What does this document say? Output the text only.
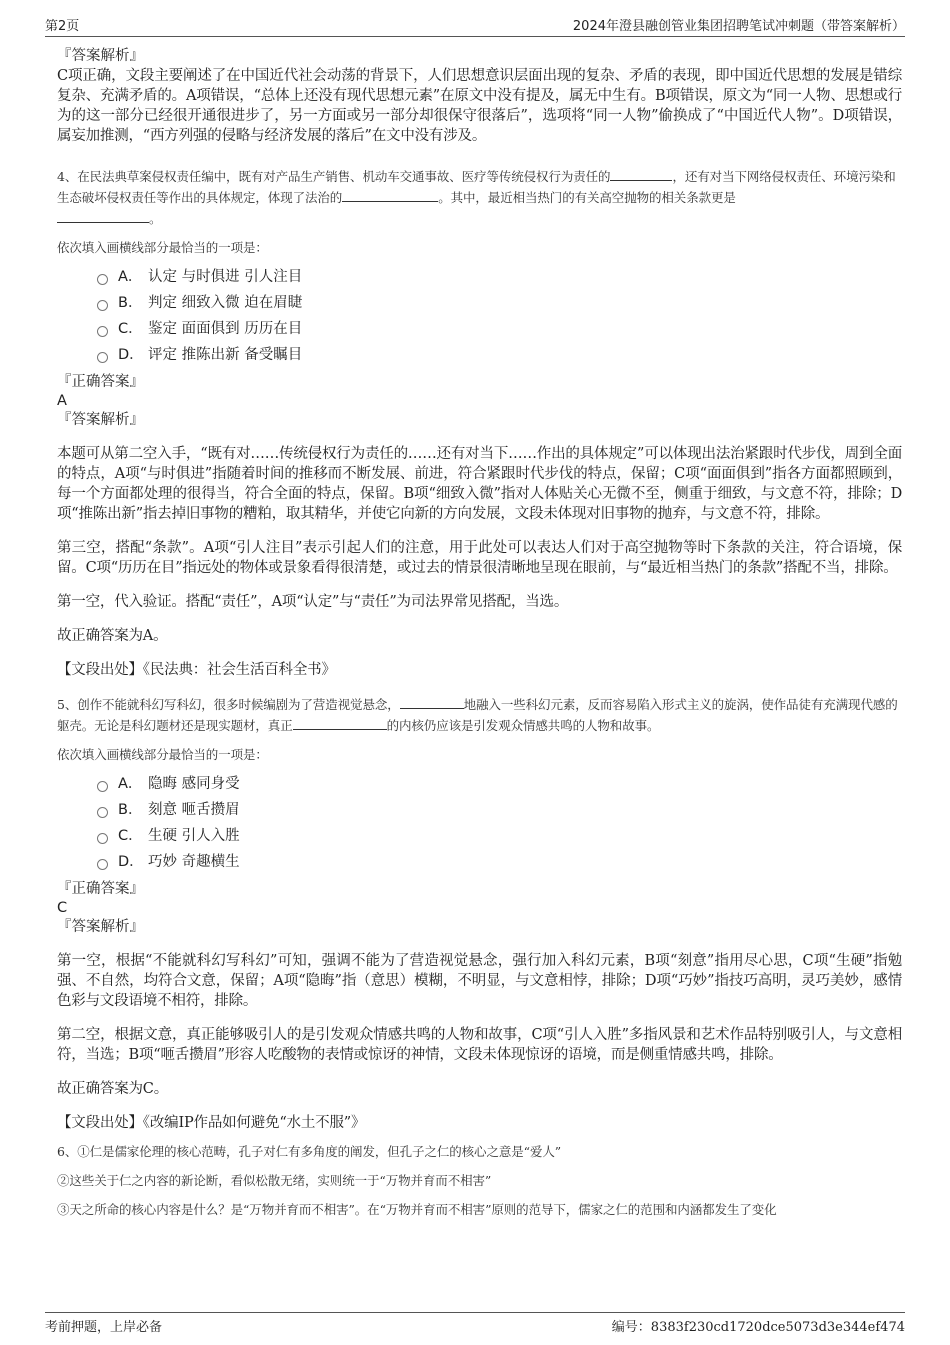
第2页	2024年澄县融创管业集团招聘笔试冲刺题（带答案解析）

『答案解析』

C项正确，文段主要阐述了在中国近代社会动荡的背景下，人们思想意识层面出现的复杂、矛盾的表现，即中国近代思想的发展是错综复杂、充满矛盾的。A项错误，“总体上还没有现代思想元素”在原文中没有提及，属无中生有。B项错误，原文为“同一人物、思想或行为的这一部分已经很开通很进步了，另一方面或另一部分却很保守很落后”，选项将“同一人物”偷换成了“中国近代人物”。D项错误，属妄加推测，“西方列强的侵略与经济发展的落后”在文中没有涉及。

4、在民法典草案侵权责任编中，既有对产品生产销售、机动车交通事故、医疗等传统侵权行为责任的	，还有对当下网络侵权责任、环境污染和生态破坏侵权责任等作出的具体规定，体现了法治的	。其中，最近相当热门的有关高空抛物的相关条款更是
。

依次填入画横线部分最恰当的一项是：

A． 认定 与时俱进 引人注目
B． 判定 细致入微 迫在眉睫
C． 鉴定 面面俱到 历历在目
D． 评定 推陈出新 备受瞩目

『正确答案』

A

『答案解析』

本题可从第二空入手，“既有对……传统侵权行为责任的……还有对当下……作出的具体规定”可以体现出法治紧跟时代步伐，周到全面的特点，A项“与时俱进”指随着时间的推移而不断发展、前进，符合紧跟时代步伐的特点，保留；C项“面面俱到”指各方面都照顾到，每一个方面都处理的很得当，符合全面的特点，保留。B项“细致入微”指对人体贴关心无微不至，侧重于细致，与文意不符，排除；D项“推陈出新”指去掉旧事物的糟粕，取其精华，并使它向新的方向发展，文段未体现对旧事物的抛弃，与文意不符，排除。

第三空，搭配“条款”。A项“引人注目”表示引起人们的注意，用于此处可以表达人们对于高空抛物等时下条款的关注，符合语境，保留。C项“历历在目”指远处的物体或景象看得很清楚，或过去的情景很清晰地呈现在眼前，与“最近相当热门的条款”搭配不当，排除。

第一空，代入验证。搭配“责任”，A项“认定”与“责任”为司法界常见搭配，当选。

故正确答案为A。

【文段出处】《民法典：社会生活百科全书》

5、创作不能就科幻写科幻，很多时候编剧为了营造视觉悬念，	地融入一些科幻元素，反而容易陷入形式主义的旋涡，使作品徒有充满现代感的躯壳。无论是科幻题材还是现实题材，真正	的内核仍应该是引发观众情感共鸣的人物和故事。

依次填入画横线部分最恰当的一项是：

A． 隐晦 感同身受
B． 刻意 咂舌攒眉
C． 生硬 引人入胜
D． 巧妙 奇趣横生

『正确答案』

C

『答案解析』

第一空，根据“不能就科幻写科幻”可知，强调不能为了营造视觉悬念，强行加入科幻元素，B项“刻意”指用尽心思，C项“生硬”指勉强、不自然，均符合文意，保留；A项“隐晦”指（意思）模糊，不明显，与文意相悖，排除；D项“巧妙”指技巧高明，灵巧美妙，感情色彩与文段语境不相符，排除。

第二空，根据文意，真正能够吸引人的是引发观众情感共鸣的人物和故事，C项“引人入胜”多指风景和艺术作品特别吸引人，与文意相符，当选；B项“咂舌攒眉”形容人吃酸物的表情或惊讶的神情，文段未体现惊讶的语境，而是侧重情感共鸣，排除。

故正确答案为C。

【文段出处】《改编IP作品如何避免“水土不服”》

6、①仁是儒家伦理的核心范畴，孔子对仁有多角度的阐发，但孔子之仁的核心之意是“爱人”

②这些关于仁之内容的新论断，看似松散无绪，实则统一于“万物并育而不相害”

③天之所命的核心内容是什么？是“万物并育而不相害”。在“万物并育而不相害”原则的范导下，儒家之仁的范围和内涵都发生了变化

考前押题，上岸必备	编号：8383f230cd1720dce5073d3e344ef474
